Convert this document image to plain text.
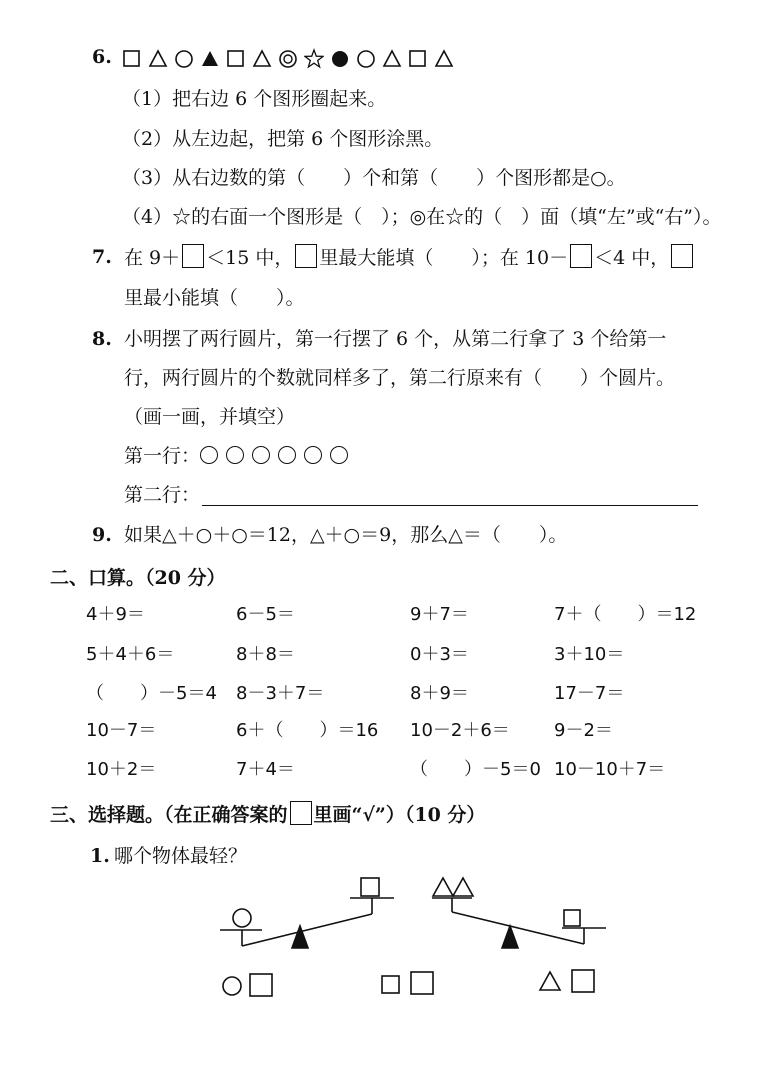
6.
（1）把右边 6 个图形圈起来。
（2）从左边起，把第 6 个图形涂黑。
（3）从右边数的第（　　）个和第（　　）个图形都是○。
（4）☆的右面一个图形是（　）；◎在☆的（　）面（填“左”或“右”）。
7. 在 9＋ ＜15 中， 里最大能填（　　）；在 10－ ＜4 中，
里最小能填（　　）。
8. 小明摆了两行圆片，第一行摆了 6 个，从第二行拿了 3 个给第一
行，两行圆片的个数就同样多了，第二行原来有（　　）个圆片。
（画一画，并填空）
第一行：
第二行：
9. 如果△＋○＋○＝12，△＋○＝9，那么△＝（　　）。
二、口算。（20 分）
4＋9＝	6－5＝	9＋7＝	7＋（　　）＝12
5＋4＋6＝	8＋8＝	0＋3＝	3＋10＝
（　　）－5＝4 8－3＋7＝	8＋9＝	17－7＝
10－7＝	6＋（　　）＝16 10－2＋6＝ 9－2＝
10＋2＝	7＋4＝	（　　）－5＝0 10－10＋7＝
三、选择题。（在正确答案的 里画“√”）（10 分）
1. 哪个物体最轻？
